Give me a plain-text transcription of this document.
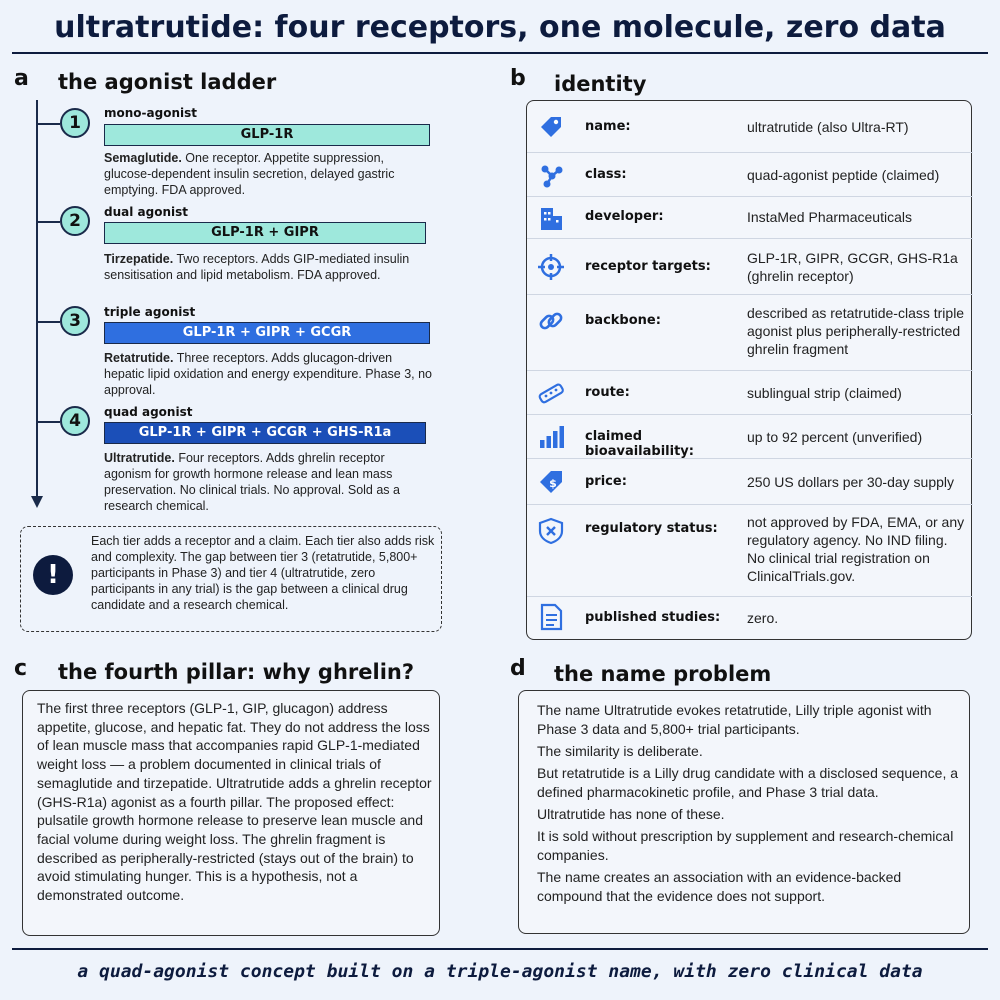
ultratrutide: four receptors, one molecule, zero data
a the agonist ladder
1	mono-agonist
GLP-1R
Semaglutide. One receptor. Appetite suppression, glucose-dependent insulin secretion, delayed gastric emptying. FDA approved.
2	dual agonist
GLP-1R + GIPR
Tirzepatide. Two receptors. Adds GIP-mediated insulin sensitisation and lipid metabolism. FDA approved.
3	triple agonist
GLP-1R + GIPR + GCGR
Retatrutide. Three receptors. Adds glucagon-driven hepatic lipid oxidation and energy expenditure. Phase 3, no approval.
4	quad agonist
GLP-1R + GIPR + GCGR + GHS-R1a
Ultratrutide. Four receptors. Adds ghrelin receptor agonism for growth hormone release and lean mass preservation. No clinical trials. No approval. Sold as a research chemical.
!
Each tier adds a receptor and a claim. Each tier also adds risk and complexity. The gap between tier 3 (retatrutide, 5,800+ participants in Phase 3) and tier 4 (ultratrutide, zero participants in any trial) is the gap between a clinical drug candidate and a research chemical.
b identity
name:	ultratrutide (also Ultra-RT)
class:	quad-agonist peptide (claimed)
developer:	InstaMed Pharmaceuticals
receptor targets:
GLP-1R, GIPR, GCGR, GHS-R1a (ghrelin receptor)
backbone:	described as retatrutide-class triple agonist plus peripherally-restricted ghrelin fragment
route:	sublingual strip (claimed)
claimed bioavailability:
up to 92 percent (unverified)
$ price:	250 US dollars per 30-day supply
regulatory status:	not approved by FDA, EMA, or any regulatory agency. No IND filing. No clinical trial registration on ClinicalTrials.gov.
published studies:	zero.
c the fourth pillar: why ghrelin?
The first three receptors (GLP-1, GIP, glucagon) address appetite, glucose, and hepatic fat. They do not address the loss of lean muscle mass that accompanies rapid GLP-1-mediated weight loss — a problem documented in clinical trials of semaglutide and tirzepatide. Ultratrutide adds a ghrelin receptor (GHS-R1a) agonist as a fourth pillar. The proposed effect: pulsatile growth hormone release to preserve lean muscle and facial volume during weight loss. The ghrelin fragment is described as peripherally-restricted (stays out of the brain) to avoid stimulating hunger. This is a hypothesis, not a demonstrated outcome.
d the name problem

The name Ultratrutide evokes retatrutide, Lilly triple agonist with Phase 3 data and 5,800+ trial participants.

The similarity is deliberate.

But retatrutide is a Lilly drug candidate with a disclosed sequence, a defined pharmacokinetic profile, and Phase 3 trial data.

Ultratrutide has none of these.

It is sold without prescription by supplement and research-chemical companies.

The name creates an association with an evidence-backed compound that the evidence does not support.

a quad-agonist concept built on a triple-agonist name, with zero clinical data
